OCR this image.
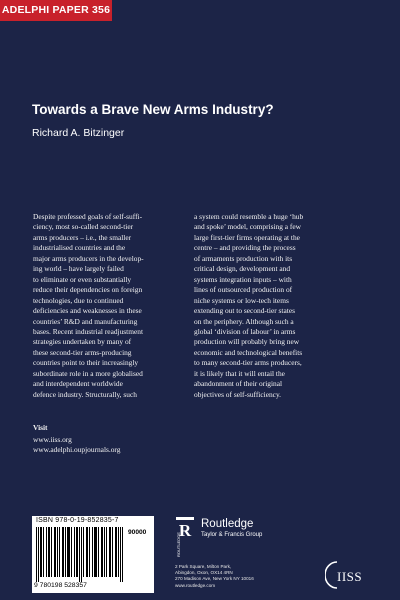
ADELPHI PAPER 356
Towards a Brave New Arms Industry?
Richard A. Bitzinger
Despite professed goals of self-suffi-
ciency, most so-called second-tier
arms producers – i.e., the smaller
industrialised countries and the
major arms producers in the develop-
ing world – have largely failed
to eliminate or even substantially
reduce their dependencies on foreign
technologies, due to continued
deficiencies and weaknesses in these
countries’ R&D and manufacturing
bases. Recent industrial readjustment
strategies undertaken by many of
these second-tier arms-producing
countries point to their increasingly
subordinate role in a more globalised
and interdependent worldwide
defence industry. Structurally, such
a system could resemble a huge ‘hub
and spoke’ model, comprising a few
large first-tier firms operating at the
centre – and providing the process
of armaments production with its
critical design, development and
systems integration inputs – with
lines of outsourced production of
niche systems or low-tech items
extending out to second-tier states
on the periphery. Although such a
global ‘division of labour’ in arms
production will probably bring new
economic and technological benefits
to many second-tier arms producers,
it is likely that it will entail the
abandonment of their original
objectives of self-sufficiency.
Visit
www.iiss.org
www.adelphi.oupjournals.org
ISBN 978-0-19-852835-7
90000
9 780198 528357
R
ROUTLEDGE
Routledge
Taylor & Francis Group
2 Park Square, Milton Park,
Abingdon, Oxon, OX14 4RN
270 Madison Ave, New York NY 10016
www.routledge.com
IISS
